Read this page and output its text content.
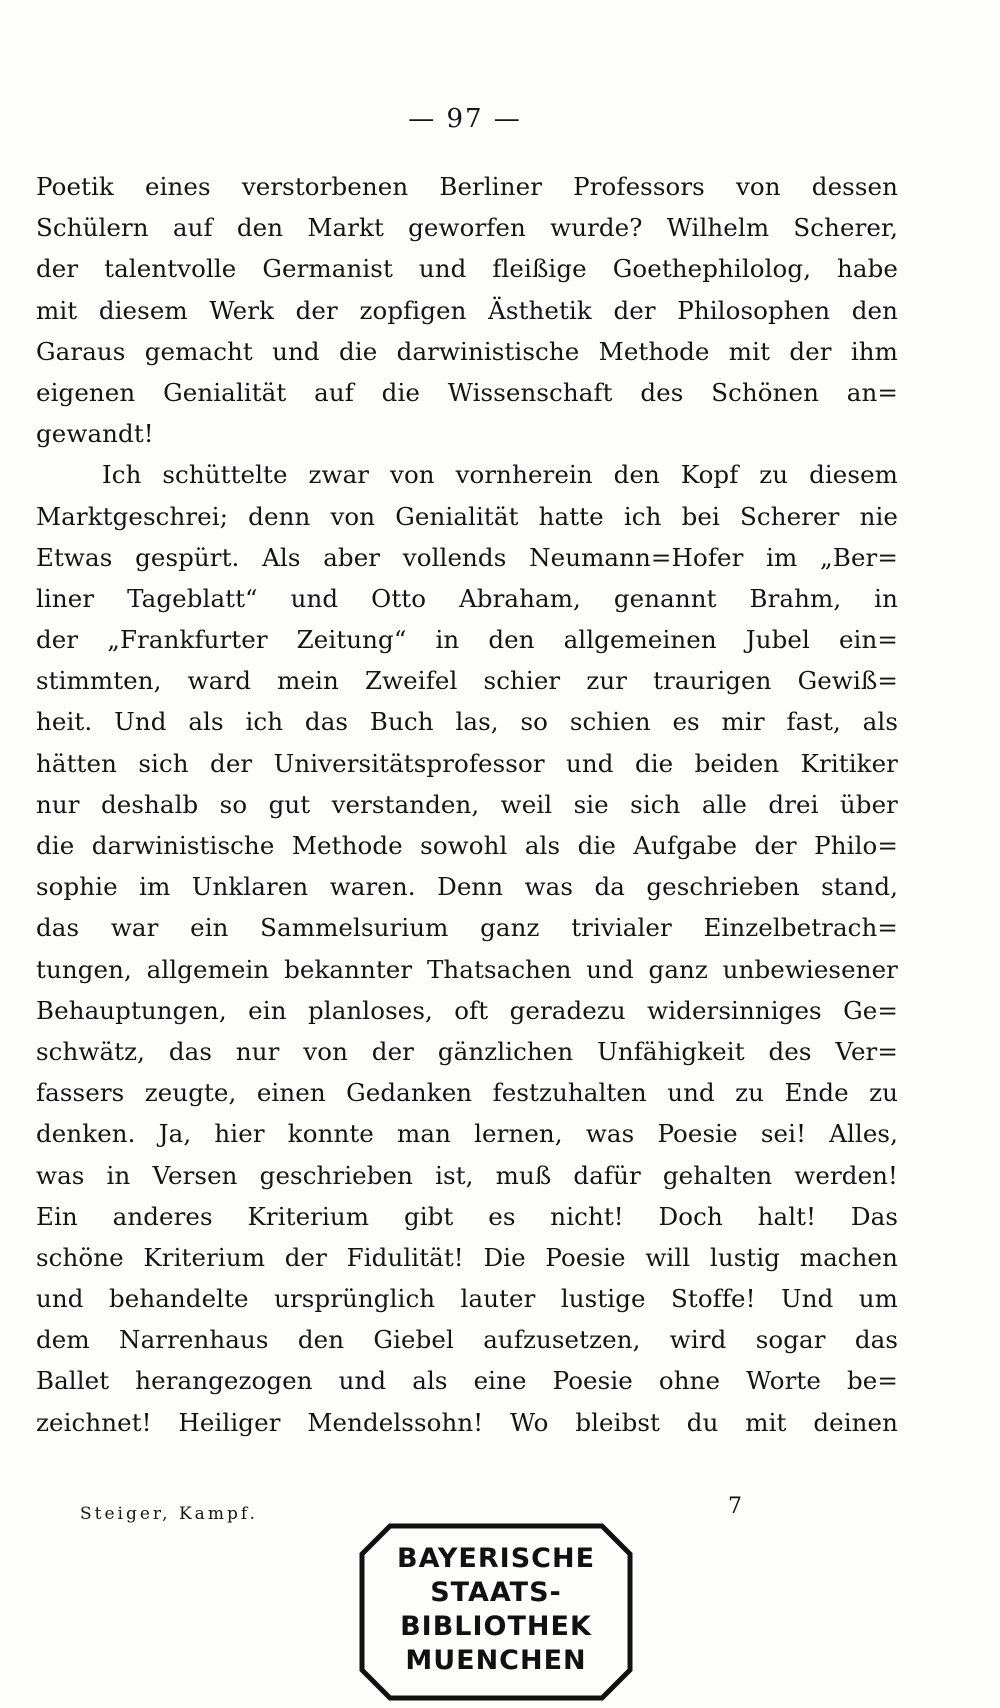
— 97 —
Poetik eines verstorbenen Berliner Professors von dessen
Schülern auf den Markt geworfen wurde? Wilhelm Scherer,
der talentvolle Germanist und fleißige Goethephilolog, habe
mit diesem Werk der zopfigen Ästhetik der Philosophen den
Garaus gemacht und die darwinistische Methode mit der ihm
eigenen Genialität auf die Wissenschaft des Schönen an=
gewandt!
Ich schüttelte zwar von vornherein den Kopf zu diesem
Marktgeschrei; denn von Genialität hatte ich bei Scherer nie
Etwas gespürt. Als aber vollends Neumann=Hofer im „Ber=
liner Tageblatt“ und Otto Abraham, genannt Brahm, in
der „Frankfurter Zeitung“ in den allgemeinen Jubel ein=
stimmten, ward mein Zweifel schier zur traurigen Gewiß=
heit. Und als ich das Buch las, so schien es mir fast, als
hätten sich der Universitätsprofessor und die beiden Kritiker
nur deshalb so gut verstanden, weil sie sich alle drei über
die darwinistische Methode sowohl als die Aufgabe der Philo=
sophie im Unklaren waren. Denn was da geschrieben stand,
das war ein Sammelsurium ganz trivialer Einzelbetrach=
tungen, allgemein bekannter Thatsachen und ganz unbewiesener
Behauptungen, ein planloses, oft geradezu widersinniges Ge=
schwätz, das nur von der gänzlichen Unfähigkeit des Ver=
fassers zeugte, einen Gedanken festzuhalten und zu Ende zu
denken. Ja, hier konnte man lernen, was Poesie sei! Alles,
was in Versen geschrieben ist, muß dafür gehalten werden!
Ein anderes Kriterium gibt es nicht! Doch halt! Das
schöne Kriterium der Fidulität! Die Poesie will lustig machen
und behandelte ursprünglich lauter lustige Stoffe! Und um
dem Narrenhaus den Giebel aufzusetzen, wird sogar das
Ballet herangezogen und als eine Poesie ohne Worte be=
zeichnet! Heiliger Mendelssohn! Wo bleibst du mit deinen
Steiger, Kampf.	7
BAYERISCHE
STAATS-
BIBLIOTHEK
MUENCHEN
